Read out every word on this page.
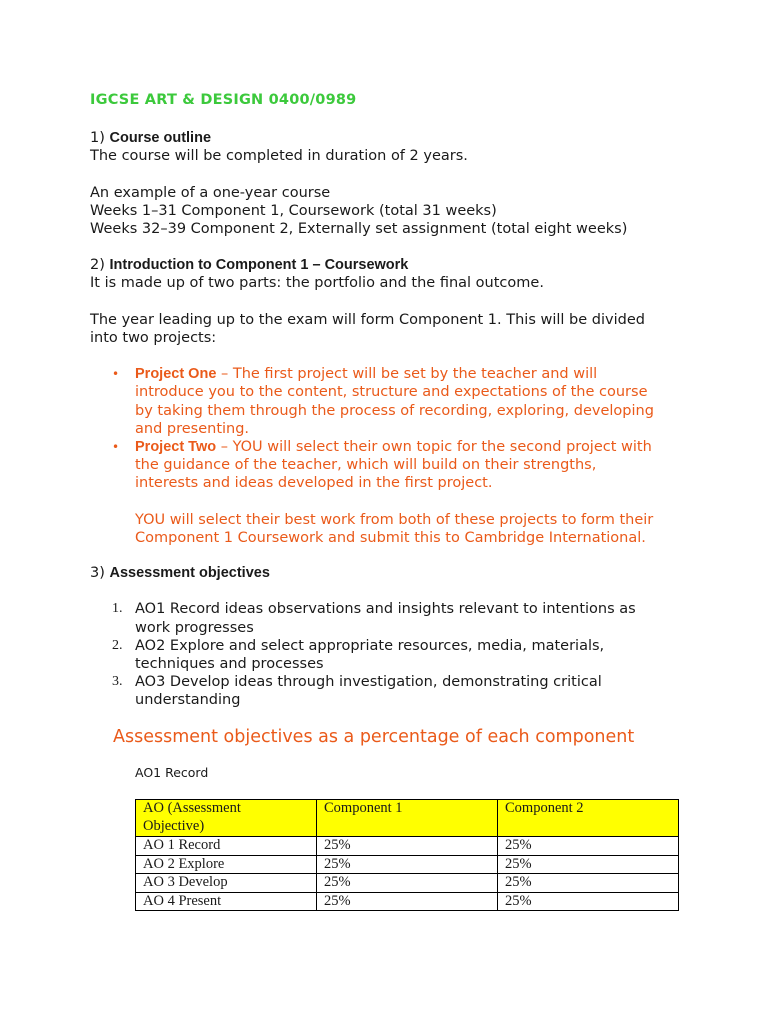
IGCSE ART & DESIGN 0400/0989
1) Course outline
The course will be completed in duration of 2 years.

An example of a one-year course
Weeks 1–31 Component 1, Coursework (total 31 weeks)
Weeks 32–39 Component 2, Externally set assignment (total eight weeks)
2) Introduction to Component 1 – Coursework
It is made up of two parts: the portfolio and the final outcome.

The year leading up to the exam will form Component 1. This will be divided
into two projects:

• Project One – The first project will be set by the teacher and will
introduce you to the content, structure and expectations of the course
by taking them through the process of recording, exploring, developing
and presenting.
• Project Two – YOU will select their own topic for the second project with
the guidance of the teacher, which will build on their strengths,
interests and ideas developed in the first project.

YOU will select their best work from both of these projects to form their
Component 1 Coursework and submit this to Cambridge International.
3) Assessment objectives

1. AO1 Record ideas observations and insights relevant to intentions as
work progresses
2. AO2 Explore and select appropriate resources, media, materials,
techniques and processes
3. AO3 Develop ideas through investigation, demonstrating critical
understanding
Assessment objectives as a percentage of each component
AO1 Record
AO (Assessment
Objective)	Component 1	Component 2
AO 1 Record	25%	25%
AO 2 Explore	25%	25%
AO 3 Develop	25%	25%
AO 4 Present	25%	25%
